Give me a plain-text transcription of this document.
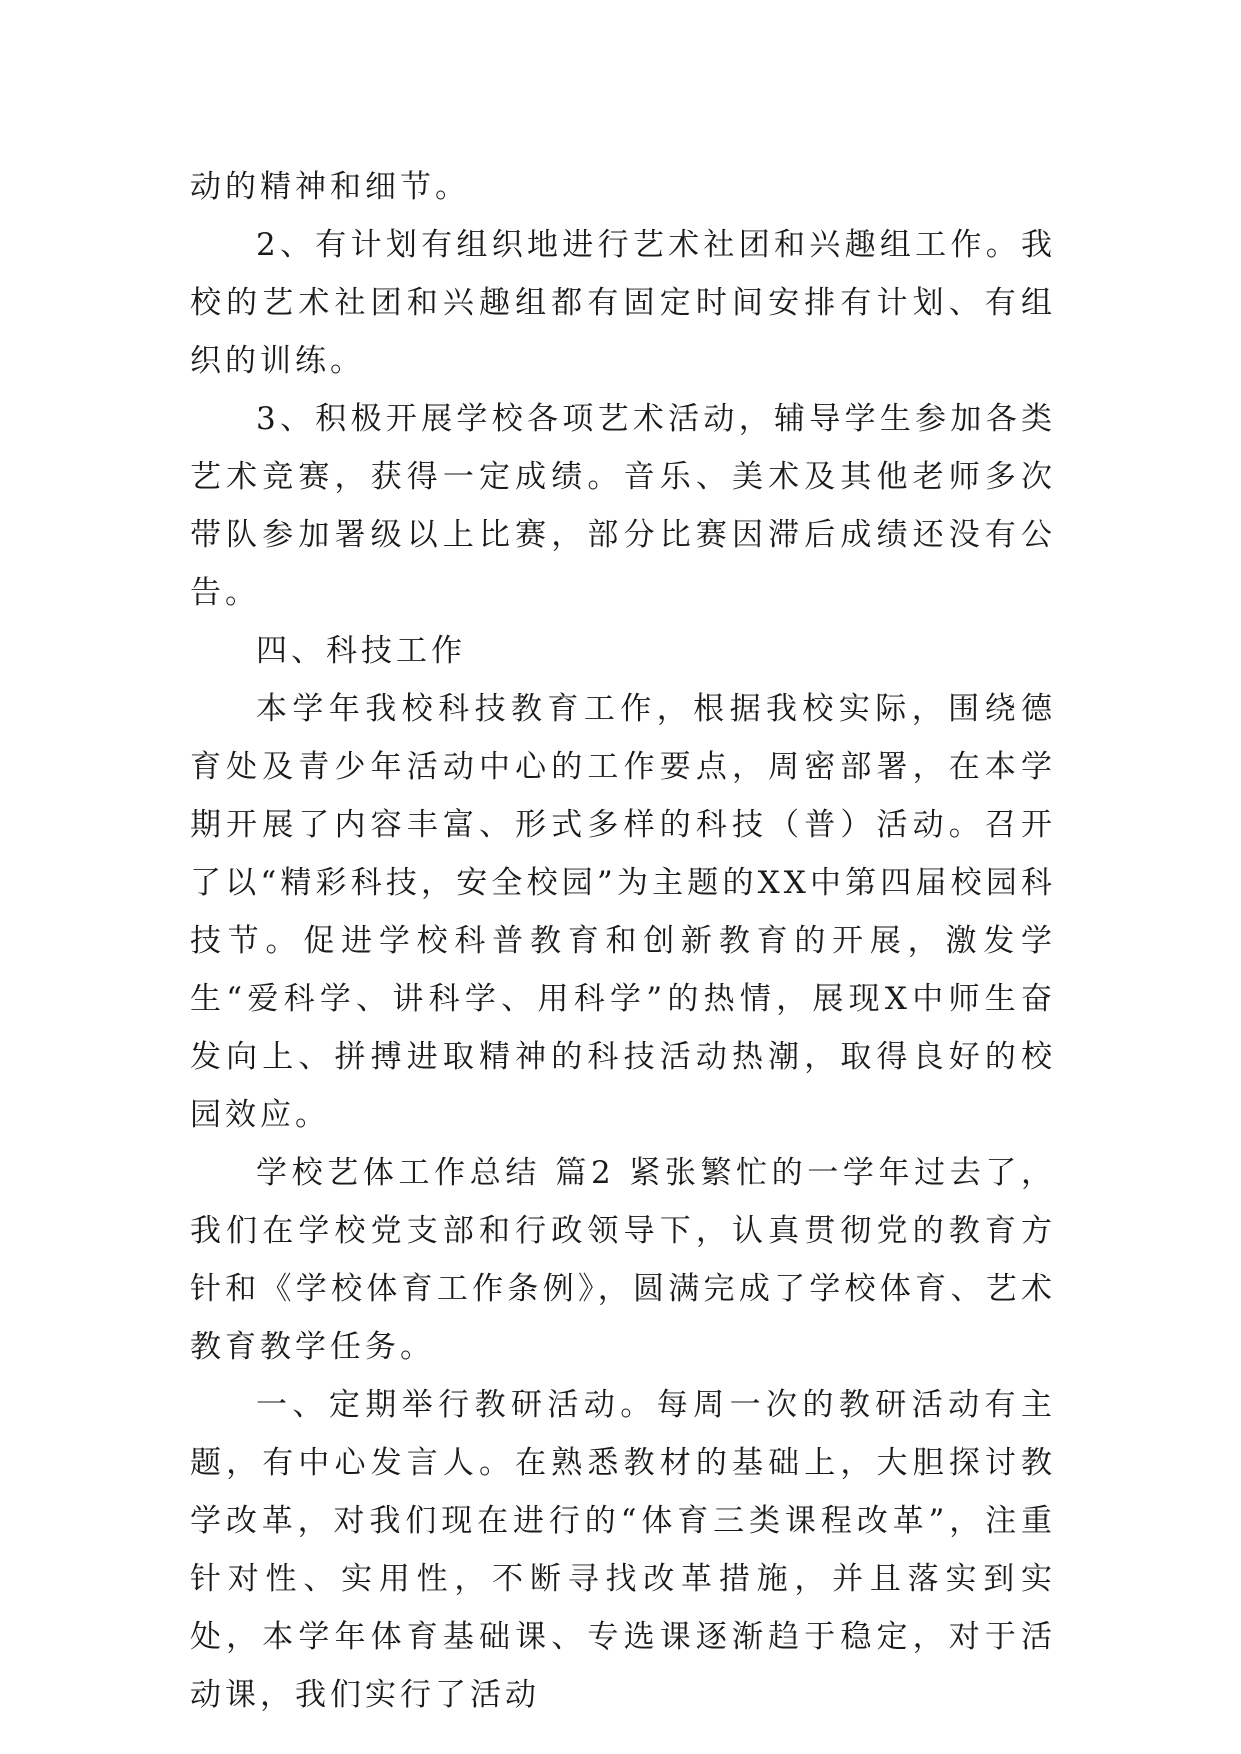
动的精神和细节。

2、有计划有组织地进行艺术社团和兴趣组工作。我校的艺术社团和兴趣组都有固定时间安排有计划、有组织的训练。

3、积极开展学校各项艺术活动，辅导学生参加各类艺术竞赛，获得一定成绩。音乐、美术及其他老师多次带队参加署级以上比赛，部分比赛因滞后成绩还没有公告。

四、科技工作

本学年我校科技教育工作，根据我校实际，围绕德育处及青少年活动中心的工作要点，周密部署，在本学期开展了内容丰富、形式多样的科技（普）活动。召开了以“精彩科技，安全校园”为主题的XX中第四届校园科技节。促进学校科普教育和创新教育的开展，激发学生“爱科学、讲科学、用科学”的热情，展现X中师生奋发向上、拼搏进取精神的科技活动热潮，取得良好的校园效应。

学校艺体工作总结 篇2 紧张繁忙的一学年过去了，我们在学校党支部和行政领导下，认真贯彻党的教育方针和《学校体育工作条例》，圆满完成了学校体育、艺术教育教学任务。

一、定期举行教研活动。每周一次的教研活动有主题，有中心发言人。在熟悉教材的基础上，大胆探讨教学改革，对我们现在进行的“体育三类课程改革”，注重针对性、实用性，不断寻找改革措施，并且落实到实处，本学年体育基础课、专选课逐渐趋于稳定，对于活动课，我们实行了活动
